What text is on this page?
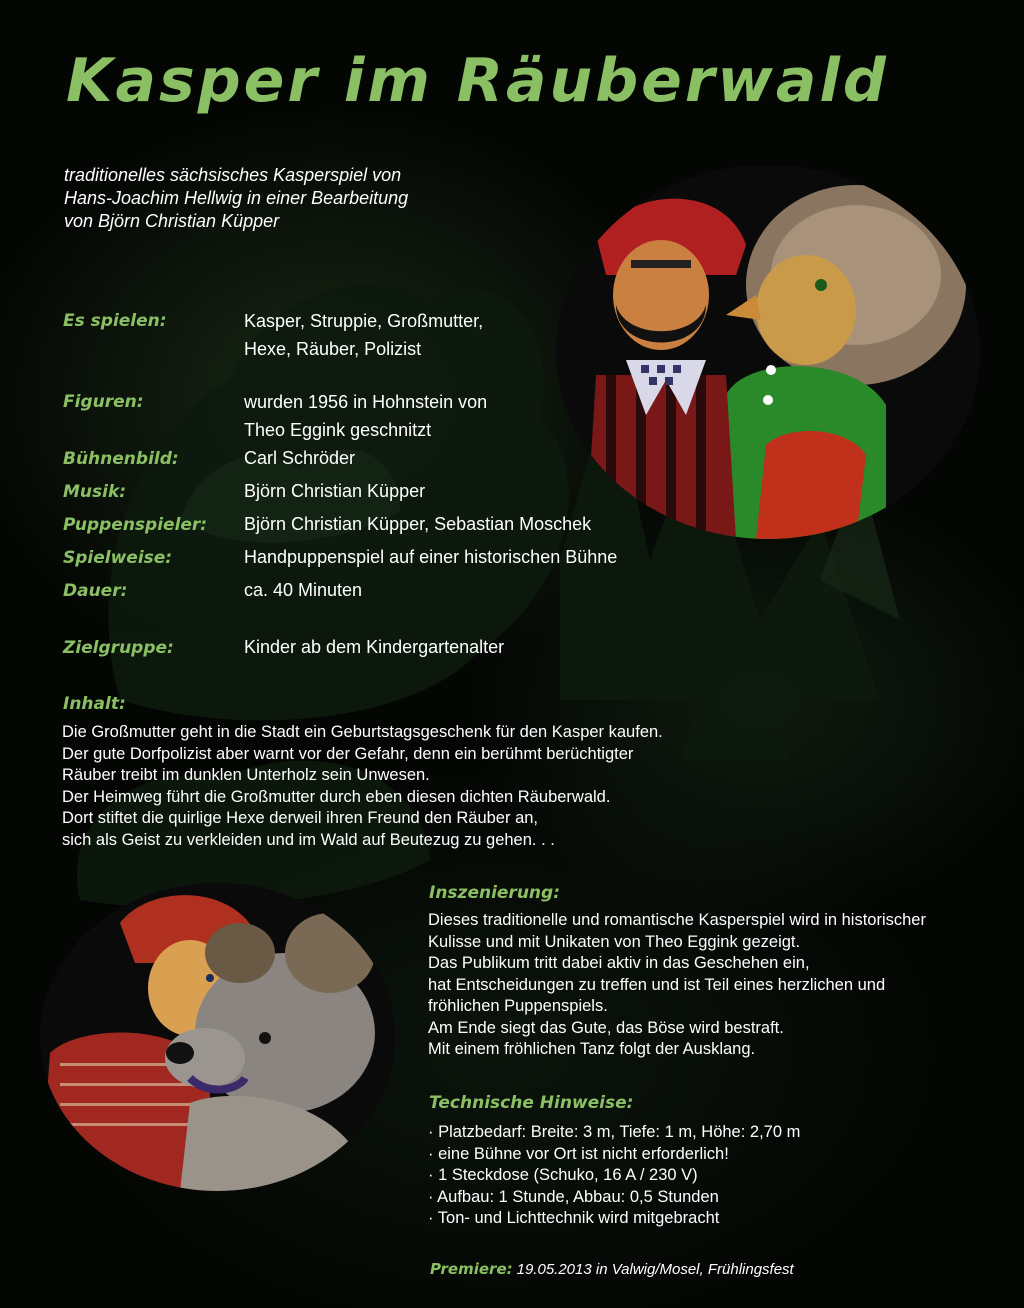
Kasper im Räuberwald
traditionelles sächsisches Kasperspiel von
Hans-Joachim Hellwig in einer Bearbeitung
von Björn Christian Küpper
Es spielen:	Kasper, Struppie, Großmutter,
Hexe, Räuber, Polizist
Figuren:	wurden 1956 in Hohnstein von
Theo Eggink geschnitzt
Bühnenbild:	Carl Schröder
Musik:	Björn Christian Küpper
Puppenspieler: Björn Christian Küpper, Sebastian Moschek
Spielweise:	Handpuppenspiel auf einer historischen Bühne
Dauer:	ca. 40 Minuten
Zielgruppe:	Kinder ab dem Kindergartenalter
Inhalt:
Die Großmutter geht in die Stadt ein Geburtstagsgeschenk für den Kasper kaufen.
Der gute Dorfpolizist aber warnt vor der Gefahr, denn ein berühmt berüchtigter
Räuber treibt im dunklen Unterholz sein Unwesen.
Der Heimweg führt die Großmutter durch eben diesen dichten Räuberwald.
Dort stiftet die quirlige Hexe derweil ihren Freund den Räuber an,
sich als Geist zu verkleiden und im Wald auf Beutezug zu gehen. . .
Inszenierung:
Dieses traditionelle und romantische Kasperspiel wird in historischer
Kulisse und mit Unikaten von Theo Eggink gezeigt.
Das Publikum tritt dabei aktiv in das Geschehen ein,
hat Entscheidungen zu treffen und ist Teil eines herzlichen und
fröhlichen Puppenspiels.
Am Ende siegt das Gute, das Böse wird bestraft.
Mit einem fröhlichen Tanz folgt der Ausklang.
Technische Hinweise:
· Platzbedarf: Breite: 3 m, Tiefe: 1 m, Höhe: 2,70 m
· eine Bühne vor Ort ist nicht erforderlich!
· 1 Steckdose (Schuko, 16 A / 230 V)
· Aufbau: 1 Stunde, Abbau: 0,5 Stunden
· Ton- und Lichttechnik wird mitgebracht
Premiere: 19.05.2013 in Valwig/Mosel, Frühlingsfest
